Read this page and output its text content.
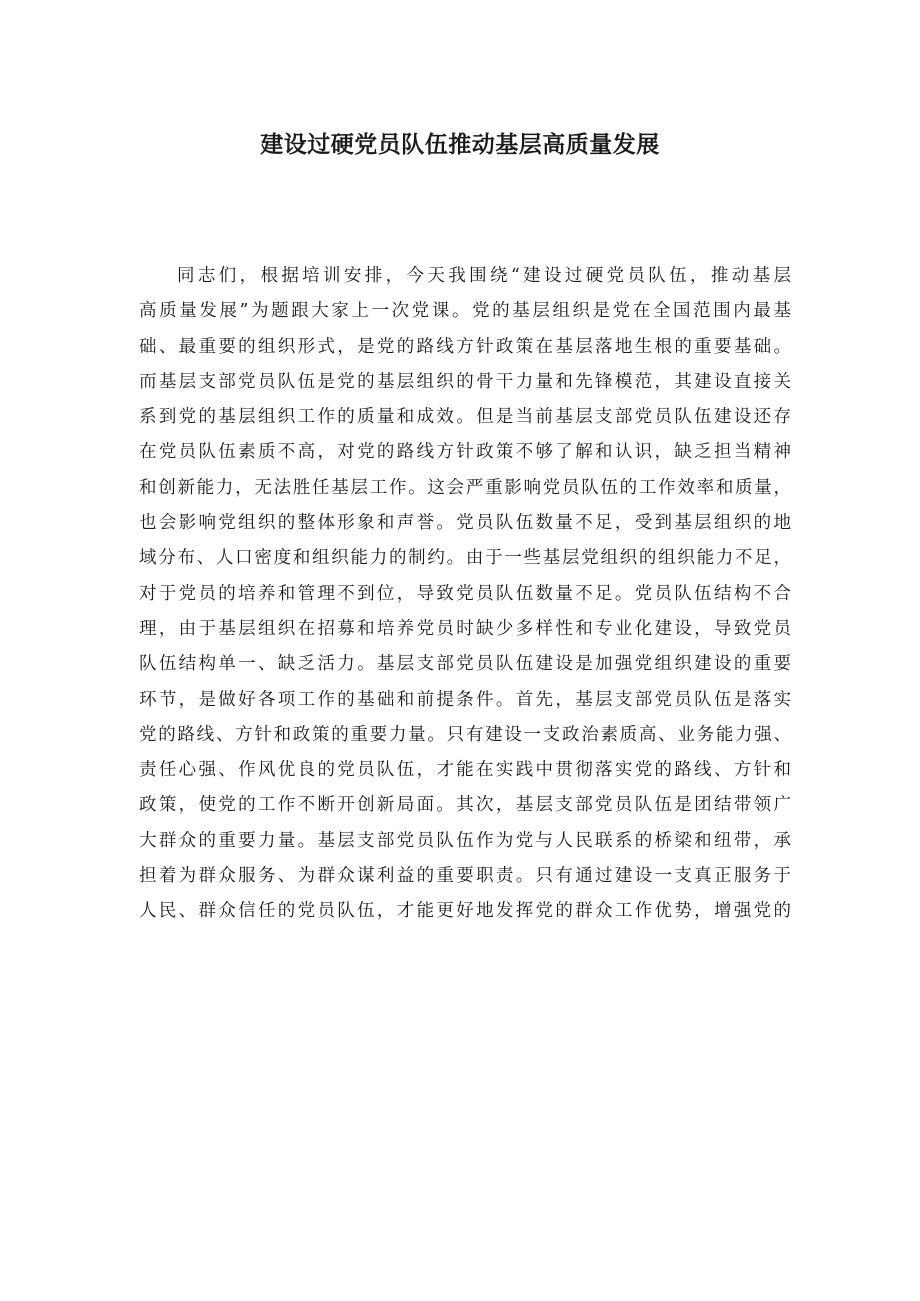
建设过硬党员队伍推动基层高质量发展
同志们，根据培训安排，今天我围绕“建设过硬党员队伍，推动基层
高质量发展”为题跟大家上一次党课。党的基层组织是党在全国范围内最基
础、最重要的组织形式，是党的路线方针政策在基层落地生根的重要基础。
而基层支部党员队伍是党的基层组织的骨干力量和先锋模范，其建设直接关
系到党的基层组织工作的质量和成效。但是当前基层支部党员队伍建设还存
在党员队伍素质不高，对党的路线方针政策不够了解和认识，缺乏担当精神
和创新能力，无法胜任基层工作。这会严重影响党员队伍的工作效率和质量，
也会影响党组织的整体形象和声誉。党员队伍数量不足，受到基层组织的地
域分布、人口密度和组织能力的制约。由于一些基层党组织的组织能力不足，
对于党员的培养和管理不到位，导致党员队伍数量不足。党员队伍结构不合
理，由于基层组织在招募和培养党员时缺少多样性和专业化建设，导致党员
队伍结构单一、缺乏活力。基层支部党员队伍建设是加强党组织建设的重要
环节，是做好各项工作的基础和前提条件。首先，基层支部党员队伍是落实
党的路线、方针和政策的重要力量。只有建设一支政治素质高、业务能力强、
责任心强、作风优良的党员队伍，才能在实践中贯彻落实党的路线、方针和
政策，使党的工作不断开创新局面。其次，基层支部党员队伍是团结带领广
大群众的重要力量。基层支部党员队伍作为党与人民联系的桥梁和纽带，承
担着为群众服务、为群众谋利益的重要职责。只有通过建设一支真正服务于
人民、群众信任的党员队伍，才能更好地发挥党的群众工作优势，增强党的
